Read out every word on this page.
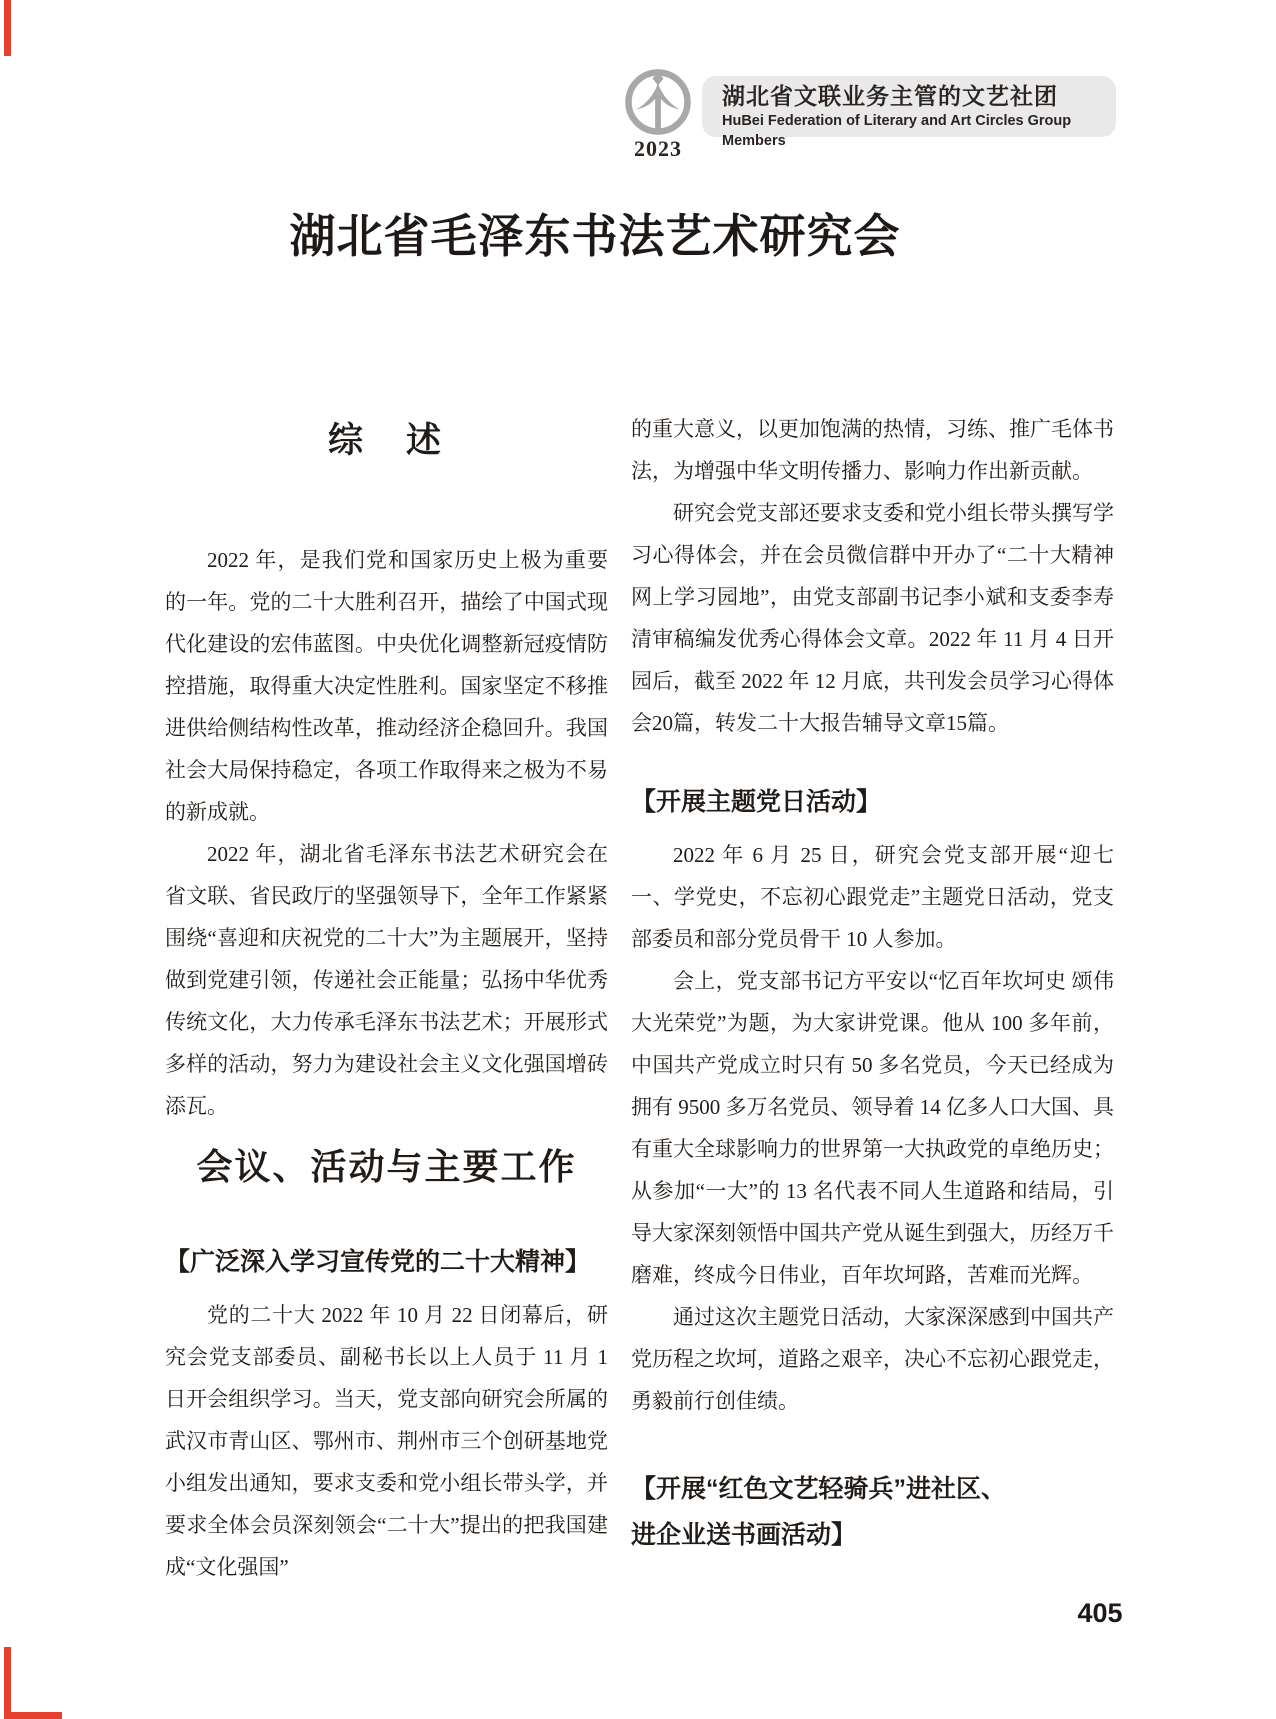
2023
湖北省文联业务主管的文艺社团
HuBei Federation of Literary and Art Circles Group Members
湖北省毛泽东书法艺术研究会
综　述

2022 年，是我们党和国家历史上极为重要的一年。党的二十大胜利召开，描绘了中国式现代化建设的宏伟蓝图。中央优化调整新冠疫情防控措施，取得重大决定性胜利。国家坚定不移推进供给侧结构性改革，推动经济企稳回升。我国社会大局保持稳定，各项工作取得来之极为不易的新成就。

2022 年，湖北省毛泽东书法艺术研究会在省文联、省民政厅的坚强领导下，全年工作紧紧围绕“喜迎和庆祝党的二十大”为主题展开，坚持做到党建引领，传递社会正能量；弘扬中华优秀传统文化，大力传承毛泽东书法艺术；开展形式多样的活动，努力为建设社会主义文化强国增砖添瓦。

会议、活动与主要工作
【广泛深入学习宣传党的二十大精神】

党的二十大 2022 年 10 月 22 日闭幕后，研究会党支部委员、副秘书长以上人员于 11 月 1 日开会组织学习。当天，党支部向研究会所属的武汉市青山区、鄂州市、荆州市三个创研基地党小组发出通知，要求支委和党小组长带头学，并要求全体会员深刻领会“二十大”提出的把我国建成“文化强国”

的重大意义，以更加饱满的热情，习练、推广毛体书法，为增强中华文明传播力、影响力作出新贡献。

研究会党支部还要求支委和党小组长带头撰写学习心得体会，并在会员微信群中开办了“二十大精神网上学习园地”，由党支部副书记李小斌和支委李寿清审稿编发优秀心得体会文章。2022 年 11 月 4 日开园后，截至 2022 年 12 月底，共刊发会员学习心得体会20篇，转发二十大报告辅导文章15篇。

【开展主题党日活动】

2022 年 6 月 25 日，研究会党支部开展“迎七一、学党史，不忘初心跟党走”主题党日活动，党支部委员和部分党员骨干 10 人参加。

会上，党支部书记方平安以“忆百年坎坷史 颂伟大光荣党”为题，为大家讲党课。他从 100 多年前，中国共产党成立时只有 50 多名党员，今天已经成为拥有 9500 多万名党员、领导着 14 亿多人口大国、具有重大全球影响力的世界第一大执政党的卓绝历史；从参加“一大”的 13 名代表不同人生道路和结局，引导大家深刻领悟中国共产党从诞生到强大，历经万千磨难，终成今日伟业，百年坎坷路，苦难而光辉。

通过这次主题党日活动，大家深深感到中国共产党历程之坎坷，道路之艰辛，决心不忘初心跟党走，勇毅前行创佳绩。

【开展“红色文艺轻骑兵”进社区、
进企业送书画活动】
405
